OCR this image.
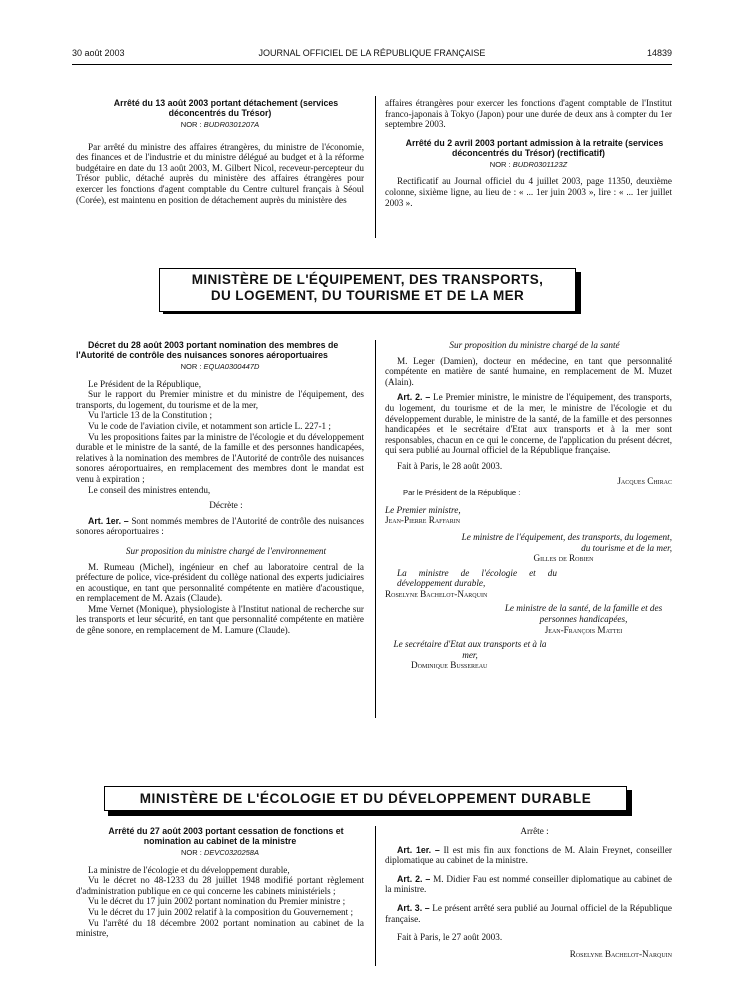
30 août 2003	JOURNAL OFFICIEL DE LA RÉPUBLIQUE FRANÇAISE	14839

Arrêté du 13 août 2003 portant détachement (services déconcentrés du Trésor)

NOR : BUDR0301207A

Par arrêté du ministre des affaires étrangères, du ministre de l'économie, des finances et de l'industrie et du ministre délégué au budget et à la réforme budgétaire en date du 13 août 2003, M. Gilbert Nicol, receveur-percepteur du Trésor public, détaché auprès du ministère des affaires étrangères pour exercer les fonctions d'agent comptable du Centre culturel français à Séoul (Corée), est maintenu en position de détachement auprès du ministère des

affaires étrangères pour exercer les fonctions d'agent comptable de l'Institut franco-japonais à Tokyo (Japon) pour une durée de deux ans à compter du 1er septembre 2003.

Arrêté du 2 avril 2003 portant admission à la retraite (services déconcentrés du Trésor) (rectificatif)

NOR : BUDR0301123Z

Rectificatif au Journal officiel du 4 juillet 2003, page 11350, deuxième colonne, sixième ligne, au lieu de : « ... 1er juin 2003 », lire : « ... 1er juillet 2003 ».

MINISTÈRE DE L'ÉQUIPEMENT, DES TRANSPORTS,
DU LOGEMENT, DU TOURISME ET DE LA MER

Décret du 28 août 2003 portant nomination des membres de l'Autorité de contrôle des nuisances sonores aéroportuaires

NOR : EQUA0300447D

Le Président de la République,

Sur le rapport du Premier ministre et du ministre de l'équipement, des transports, du logement, du tourisme et de la mer,

Vu l'article 13 de la Constitution ;

Vu le code de l'aviation civile, et notamment son article L. 227-1 ;

Vu les propositions faites par la ministre de l'écologie et du développement durable et le ministre de la santé, de la famille et des personnes handicapées, relatives à la nomination des membres de l'Autorité de contrôle des nuisances sonores aéroportuaires, en remplacement des membres dont le mandat est venu à expiration ;

Le conseil des ministres entendu,

Décrète :

Art. 1er. – Sont nommés membres de l'Autorité de contrôle des nuisances sonores aéroportuaires :

Sur proposition du ministre chargé de l'environnement

M. Rumeau (Michel), ingénieur en chef au laboratoire central de la préfecture de police, vice-président du collège national des experts judiciaires en acoustique, en tant que personnalité compétente en matière d'acoustique, en remplacement de M. Azais (Claude).

Mme Vernet (Monique), physiologiste à l'Institut national de recherche sur les transports et leur sécurité, en tant que personnalité compétente en matière de gêne sonore, en remplacement de M. Lamure (Claude).

Sur proposition du ministre chargé de la santé

M. Leger (Damien), docteur en médecine, en tant que personnalité compétente en matière de santé humaine, en remplacement de M. Muzet (Alain).

Art. 2. – Le Premier ministre, le ministre de l'équipement, des transports, du logement, du tourisme et de la mer, le ministre de l'écologie et du développement durable, le ministre de la santé, de la famille et des personnes handicapées et le secrétaire d'Etat aux transports et à la mer sont responsables, chacun en ce qui le concerne, de l'application du présent décret, qui sera publié au Journal officiel de la République française.

Fait à Paris, le 28 août 2003.

Jacques Chirac
Par le Président de la République :
Le Premier ministre,
Jean-Pierre Raffarin
Le ministre de l'équipement, des transports, du logement, du tourisme et de la mer,
Gilles de Robien
La ministre de l'écologie et du développement durable,
Roselyne Bachelot-Narquin
Le ministre de la santé, de la famille et des personnes handicapées,
Jean-François Mattei
Le secrétaire d'Etat aux transports et à la mer,
Dominique Bussereau
MINISTÈRE DE L'ÉCOLOGIE ET DU DÉVELOPPEMENT DURABLE

Arrêté du 27 août 2003 portant cessation de fonctions et nomination au cabinet de la ministre

NOR : DEVC0320258A

La ministre de l'écologie et du développement durable,

Vu le décret no 48-1233 du 28 juillet 1948 modifié portant règlement d'administration publique en ce qui concerne les cabinets ministériels ;

Vu le décret du 17 juin 2002 portant nomination du Premier ministre ;

Vu le décret du 17 juin 2002 relatif à la composition du Gouvernement ;

Vu l'arrêté du 18 décembre 2002 portant nomination au cabinet de la ministre,

Arrête :

Art. 1er. – Il est mis fin aux fonctions de M. Alain Freynet, conseiller diplomatique au cabinet de la ministre.

Art. 2. – M. Didier Fau est nommé conseiller diplomatique au cabinet de la ministre.

Art. 3. – Le présent arrêté sera publié au Journal officiel de la République française.

Fait à Paris, le 27 août 2003.

Roselyne Bachelot-Narquin
